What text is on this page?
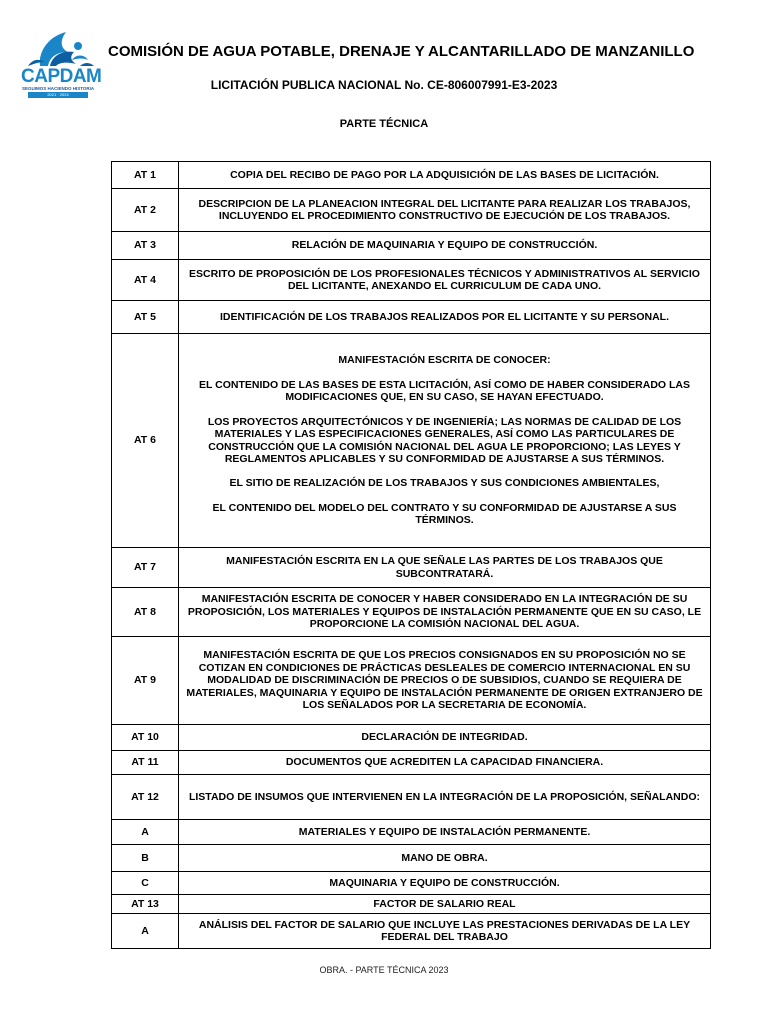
CAPDAM
SEGUIMOS HACIENDO HISTORIA
2021 · 2024
COMISIÓN DE AGUA POTABLE, DRENAJE Y ALCANTARILLADO DE MANZANILLO
LICITACIÓN PUBLICA NACIONAL No. CE-806007991-E3-2023
PARTE TÉCNICA
AT 1	COPIA DEL RECIBO DE PAGO POR LA ADQUISICIÓN DE LAS BASES DE LICITACIÓN.
AT 2	DESCRIPCION DE LA PLANEACION INTEGRAL DEL LICITANTE PARA REALIZAR LOS TRABAJOS, INCLUYENDO EL PROCEDIMIENTO CONSTRUCTIVO DE EJECUCIÓN DE LOS TRABAJOS.
AT 3	RELACIÓN DE MAQUINARIA Y EQUIPO DE CONSTRUCCIÓN.
AT 4	ESCRITO DE PROPOSICIÓN DE LOS PROFESIONALES TÉCNICOS Y ADMINISTRATIVOS AL SERVICIO DEL LICITANTE, ANEXANDO EL CURRICULUM DE CADA UNO.
AT 5	IDENTIFICACIÓN DE LOS TRABAJOS REALIZADOS POR EL LICITANTE Y SU PERSONAL.
AT 6	MANIFESTACIÓN ESCRITA DE CONOCER:
EL CONTENIDO DE LAS BASES DE ESTA LICITACIÓN, ASÍ COMO DE HABER CONSIDERADO LAS MODIFICACIONES QUE, EN SU CASO, SE HAYAN EFECTUADO.
LOS PROYECTOS ARQUITECTÓNICOS Y DE INGENIERÍA; LAS NORMAS DE CALIDAD DE LOS MATERIALES Y LAS ESPECIFICACIONES GENERALES, ASÍ COMO LAS PARTICULARES DE CONSTRUCCIÓN QUE LA COMISIÓN NACIONAL DEL AGUA LE PROPORCIONO; LAS LEYES Y REGLAMENTOS APLICABLES Y SU CONFORMIDAD DE AJUSTARSE A SUS TÉRMINOS.
EL SITIO DE REALIZACIÓN DE LOS TRABAJOS Y SUS CONDICIONES AMBIENTALES,
EL CONTENIDO DEL MODELO DEL CONTRATO Y SU CONFORMIDAD DE AJUSTARSE A SUS TÉRMINOS.

AT 7	MANIFESTACIÓN ESCRITA EN LA QUE SEÑALE LAS PARTES DE LOS TRABAJOS QUE SUBCONTRATARÁ.
AT 8	MANIFESTACIÓN ESCRITA DE CONOCER Y HABER CONSIDERADO EN LA INTEGRACIÓN DE SU PROPOSICIÓN, LOS MATERIALES Y EQUIPOS DE INSTALACIÓN PERMANENTE QUE EN SU CASO, LE PROPORCIONE LA COMISIÓN NACIONAL DEL AGUA.
AT 9	MANIFESTACIÓN ESCRITA DE QUE LOS PRECIOS CONSIGNADOS EN SU PROPOSICIÓN NO SE COTIZAN EN CONDICIONES DE PRÁCTICAS DESLEALES DE COMERCIO INTERNACIONAL EN SU MODALIDAD DE DISCRIMINACIÓN DE PRECIOS O DE SUBSIDIOS, CUANDO SE REQUIERA DE MATERIALES, MAQUINARIA Y EQUIPO DE INSTALACIÓN PERMANENTE DE ORIGEN EXTRANJERO DE LOS SEÑALADOS POR LA SECRETARIA DE ECONOMÍA.
AT 10	DECLARACIÓN DE INTEGRIDAD.
AT 11	DOCUMENTOS QUE ACREDITEN LA CAPACIDAD FINANCIERA.
AT 12	LISTADO DE INSUMOS QUE INTERVIENEN EN LA INTEGRACIÓN DE LA PROPOSICIÓN, SEÑALANDO:
A	MATERIALES Y EQUIPO DE INSTALACIÓN PERMANENTE.
B	MANO DE OBRA.
C	MAQUINARIA Y EQUIPO DE CONSTRUCCIÓN.
AT 13	FACTOR DE SALARIO REAL
A	ANÁLISIS DEL FACTOR DE SALARIO QUE INCLUYE LAS PRESTACIONES DERIVADAS DE LA LEY FEDERAL DEL TRABAJO
OBRA. - PARTE TÉCNICA 2023
